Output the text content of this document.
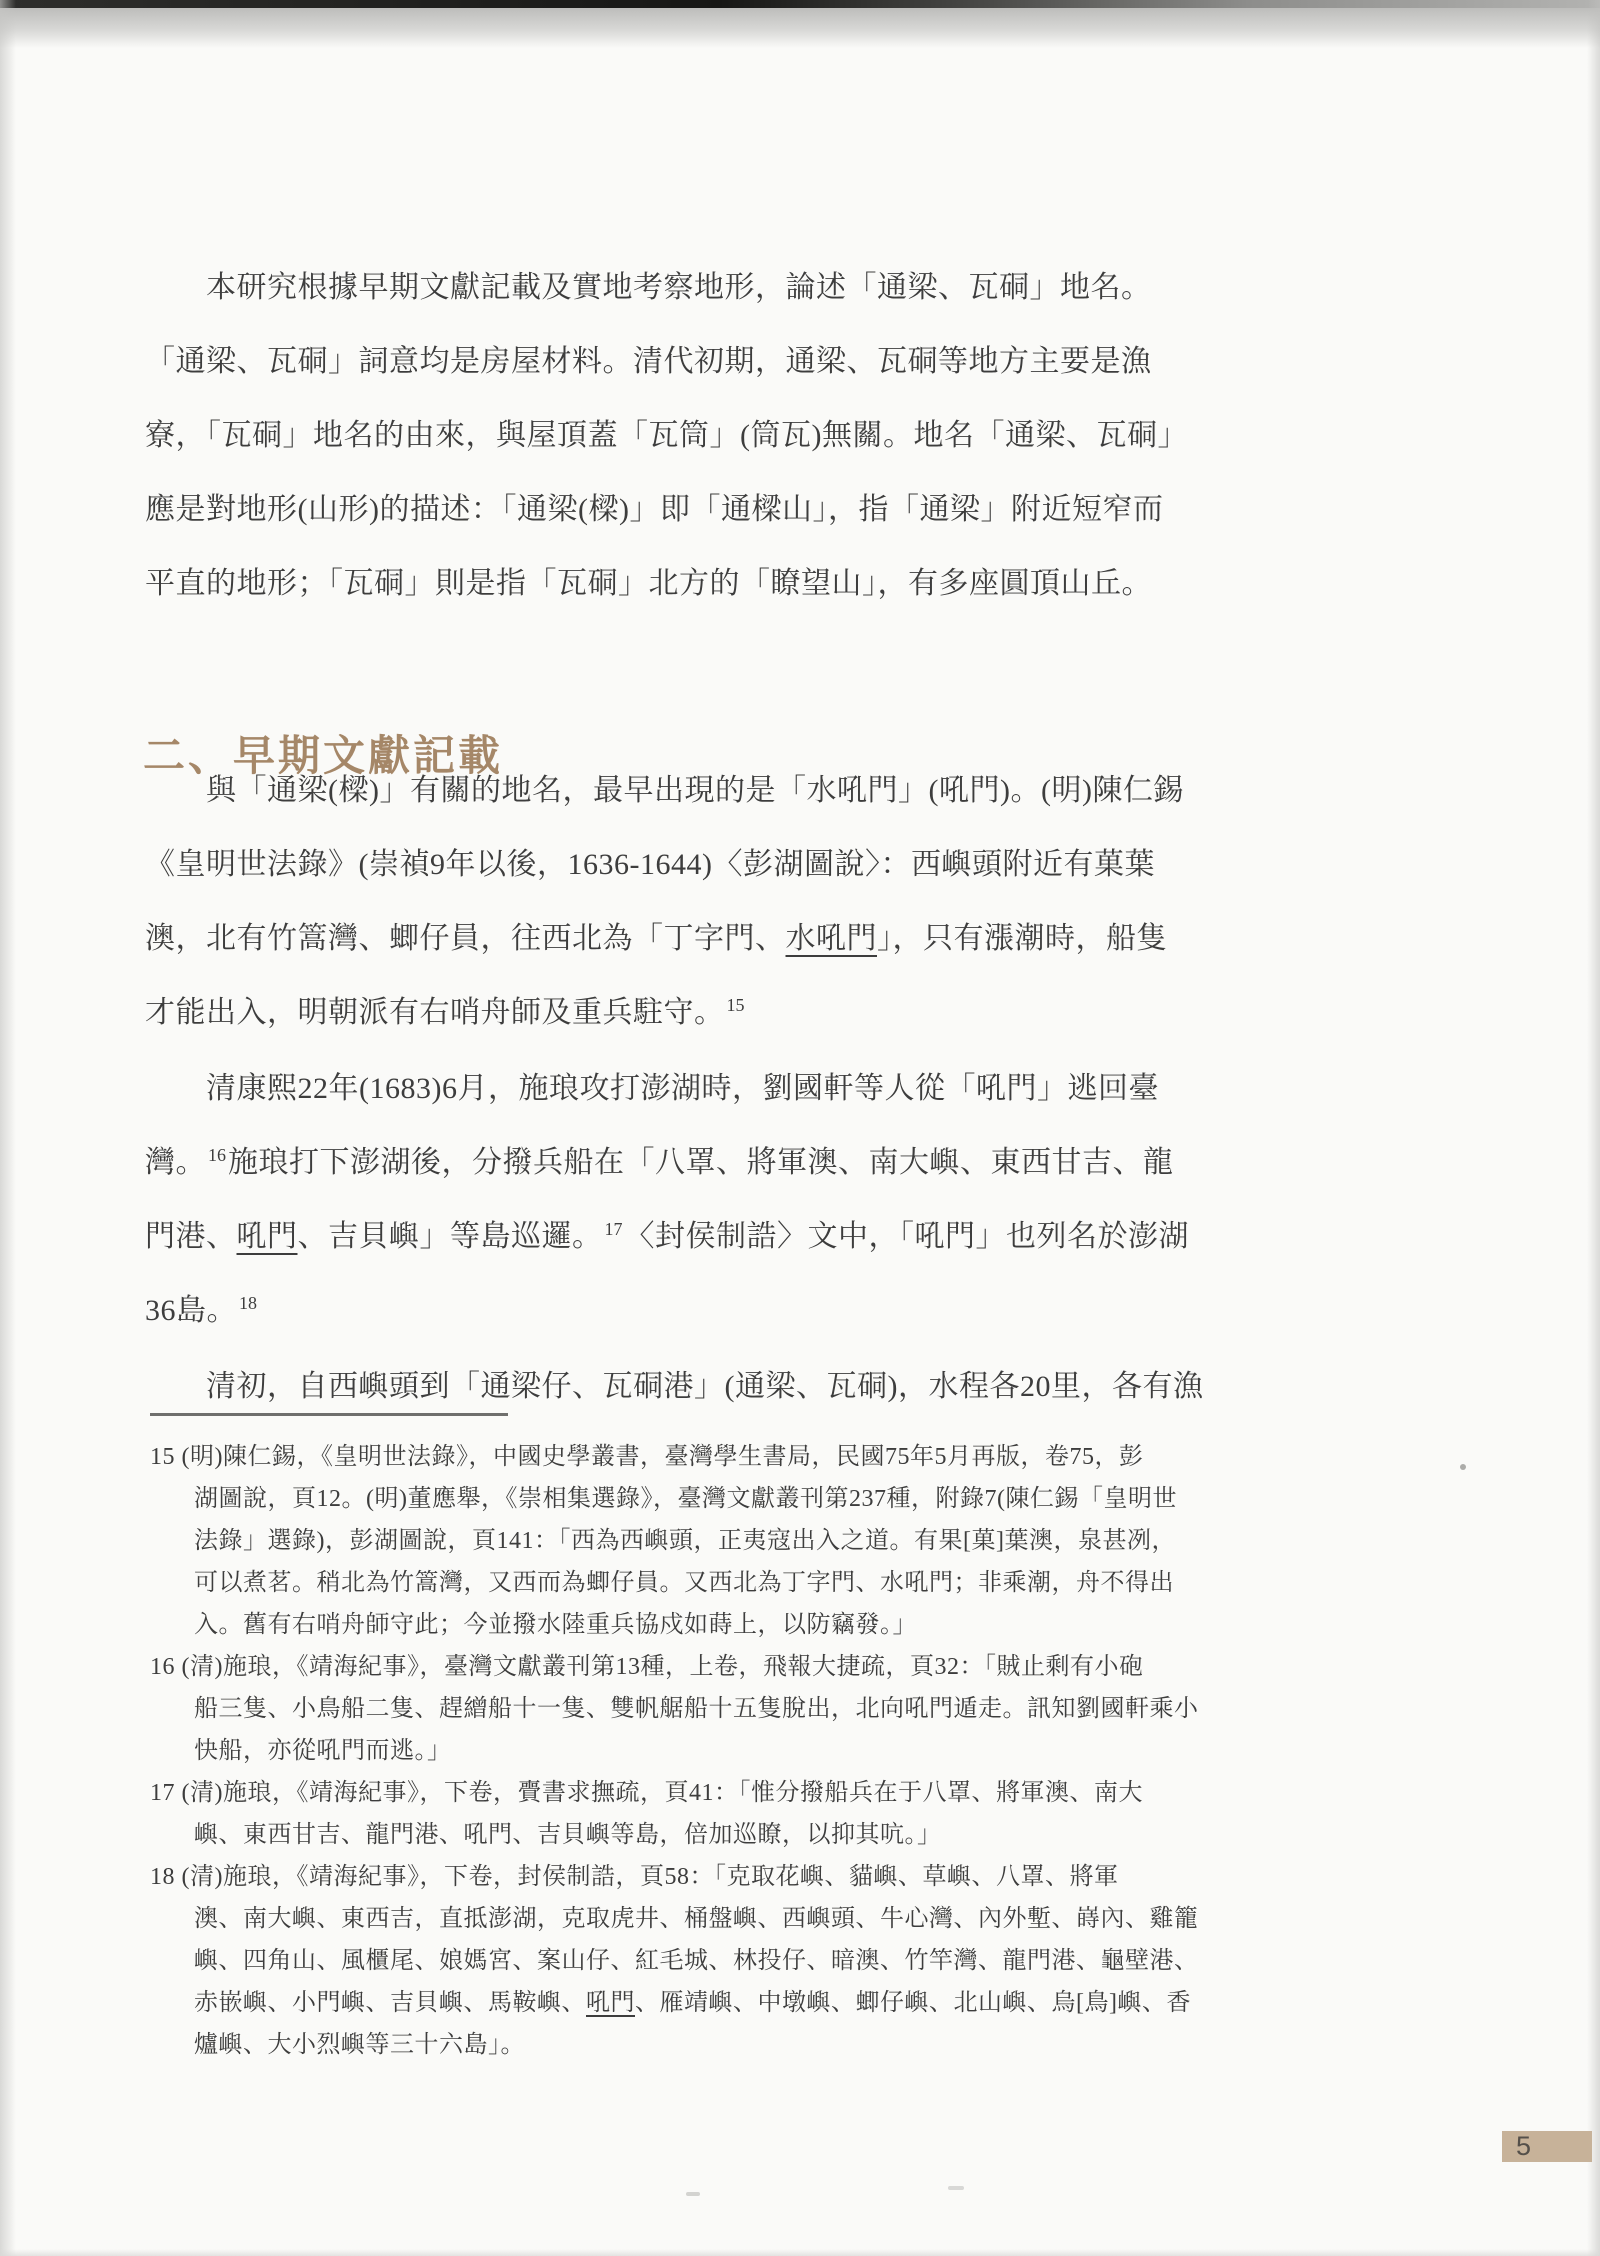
本研究根據早期文獻記載及實地考察地形，論述「通梁、瓦硐」地名。
「通梁、瓦硐」詞意均是房屋材料。清代初期，通梁、瓦硐等地方主要是漁
寮，「瓦硐」地名的由來，與屋頂蓋「瓦筒」(筒瓦)無關。地名「通梁、瓦硐」
應是對地形(山形)的描述：「通梁(樑)」即「通樑山」，指「通梁」附近短窄而
平直的地形；「瓦硐」則是指「瓦硐」北方的「瞭望山」，有多座圓頂山丘。
二、早期文獻記載
與「通梁(樑)」有關的地名，最早出現的是「水吼門」(吼門)。(明)陳仁錫
《皇明世法錄》(崇禎9年以後，1636-1644)〈彭湖圖說〉：西嶼頭附近有菓葉
澳，北有竹篙灣、蝍仔員，往西北為「丁字門、水吼門」，只有漲潮時，船隻
才能出入，明朝派有右哨舟師及重兵駐守。 $^{15}$
清康熙22年(1683)6月，施琅攻打澎湖時，劉國軒等人從「吼門」逃回臺
灣。 $^{16}$施琅打下澎湖後，分撥兵船在「八罩、將軍澳、南大嶼、東西甘吉、龍
門港、吼門、吉貝嶼」等島巡邏。 $^{17}$〈封侯制誥〉文中，「吼門」也列名於澎湖
36島。 $^{18}$
清初，自西嶼頭到「通梁仔、瓦硐港」(通梁、瓦硐)，水程各20里，各有漁
15 (明)陳仁錫，《皇明世法錄》，中國史學叢書，臺灣學生書局，民國75年5月再版，卷75，彭
湖圖說，頁12。(明)董應舉，《崇相集選錄》，臺灣文獻叢刊第237種，附錄7(陳仁錫「皇明世
法錄」選錄)，彭湖圖說，頁141：「西為西嶼頭，正夷寇出入之道。有果[菓]葉澳，泉甚冽，
可以煮茗。稍北為竹篙灣，又西而為蝍仔員。又西北為丁字門、水吼門；非乘潮，舟不得出
入。舊有右哨舟師守此；今並撥水陸重兵協戍如蒔上，以防竊發。」
16 (清)施琅，《靖海紀事》，臺灣文獻叢刊第13種，上卷，飛報大捷疏，頁32：「賊止剩有小砲
船三隻、小鳥船二隻、趕繒船十一隻、雙帆艍船十五隻脫出，北向吼門遁走。訊知劉國軒乘小
快船，亦從吼門而逃。」
17 (清)施琅，《靖海紀事》，下卷，賷書求撫疏，頁41：「惟分撥船兵在于八罩、將軍澳、南大
嶼、東西甘吉、龍門港、吼門、吉貝嶼等島，倍加巡瞭，以抑其吭。」
18 (清)施琅，《靖海紀事》，下卷，封侯制誥，頁58：「克取花嶼、貓嶼、草嶼、八罩、將軍
澳、南大嶼、東西吉，直抵澎湖，克取虎井、桶盤嶼、西嶼頭、牛心灣、內外塹、嵵內、雞籠
嶼、四角山、風櫃尾、娘媽宮、案山仔、紅毛城、林投仔、暗澳、竹竿灣、龍門港、龜壁港、
赤嵌嶼、小門嶼、吉貝嶼、馬鞍嶼、吼門、雁靖嶼、中墩嶼、蝍仔嶼、北山嶼、烏[鳥]嶼、香
爐嶼、大小烈嶼等三十六島」。
5
